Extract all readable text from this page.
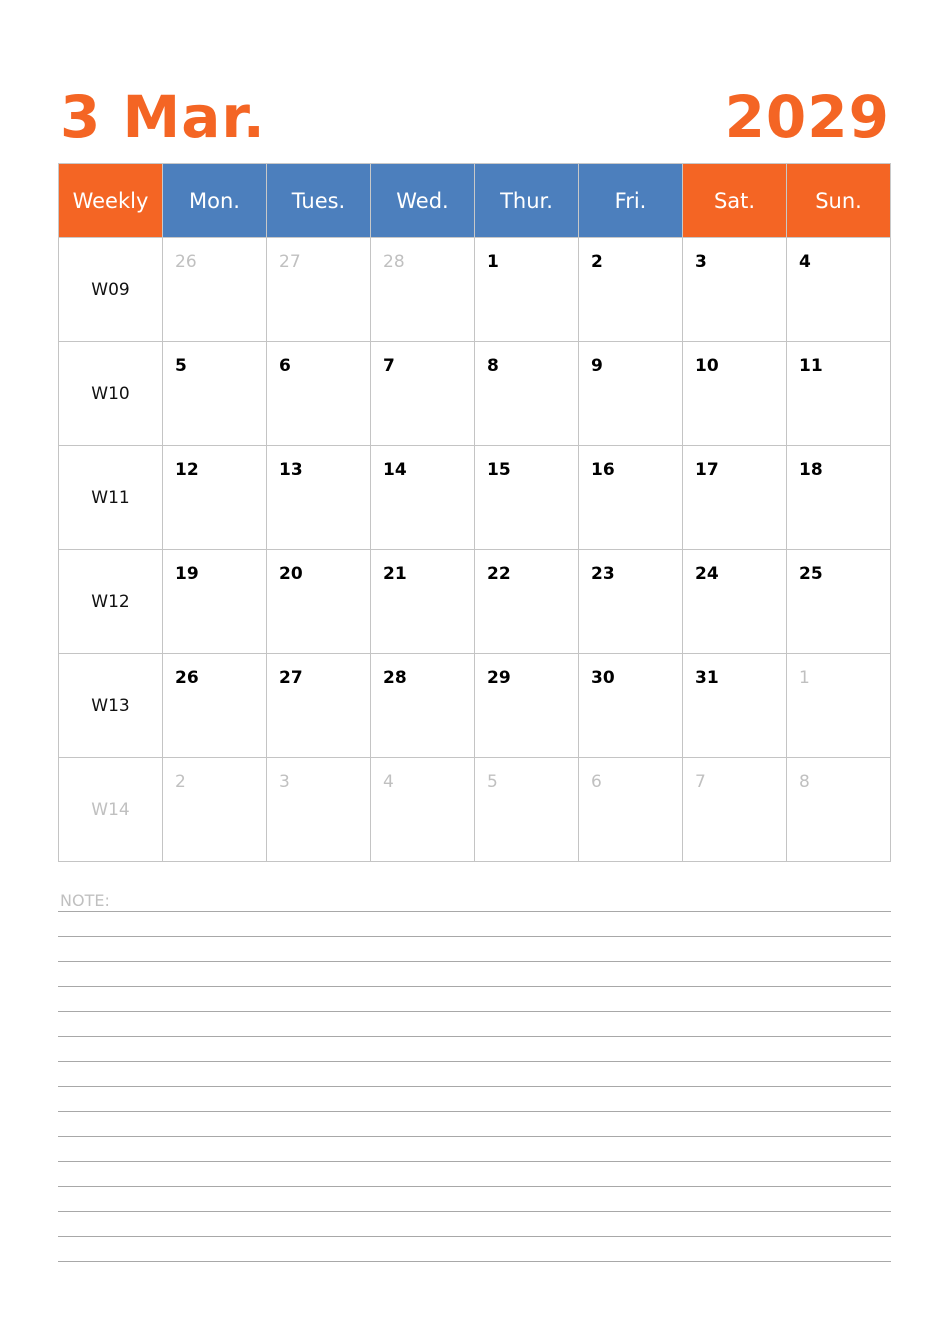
3 Mar.	2029
Weekly	Mon.	Tues.	Wed.	Thur.	Fri.	Sat.	Sun.
W09	26	27	28	1	2	3	4

W10	5	6	7	8	9	10	11

W11	12	13	14	15	16	17	18

W12	19	20	21	22	23	24	25

W13	26	27	28	29	30	31	1

W14	2	3	4	5	6	7	8
NOTE:
